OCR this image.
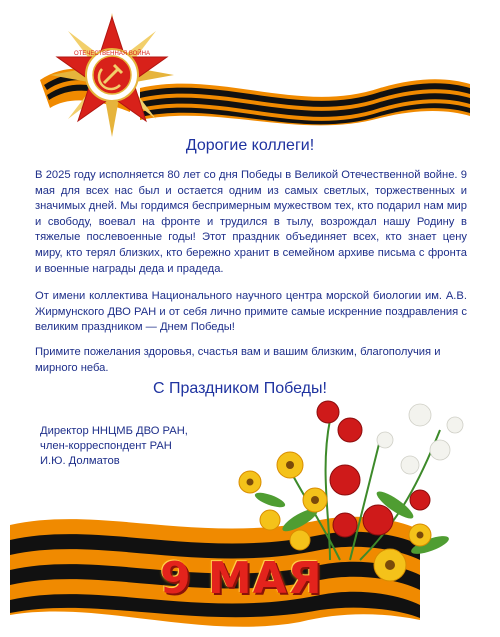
ОТЕЧЕСТВЕННАЯ ВОЙНА
Дорогие коллеги!

В 2025 году исполняется 80 лет со дня Победы в Великой Отечественной войне. 9 мая для всех нас был и остается одним из самых светлых, торжественных и значимых дней. Мы гордимся беспримерным мужеством тех, кто подарил нам мир и свободу, воевал на фронте и трудился в тылу, возрождал нашу Родину в тяжелые послевоенные годы! Этот праздник объединяет всех, кто знает цену миру, кто терял близких, кто бережно хранит в семейном архиве письма с фронта и военные награды деда и прадеда.

От имени коллектива Национального научного центра морской биологии им. А.В. Жирмунского ДВО РАН и от себя лично примите самые искренние поздравления с великим праздником — Днем Победы!

Примите пожелания здоровья, счастья вам и вашим близким, благополучия и мирного неба.

С Праздником Победы!
Директор ННЦМБ ДВО РАН,
член-корреспондент РАН
И.Ю. Долматов
9 МАЯ
